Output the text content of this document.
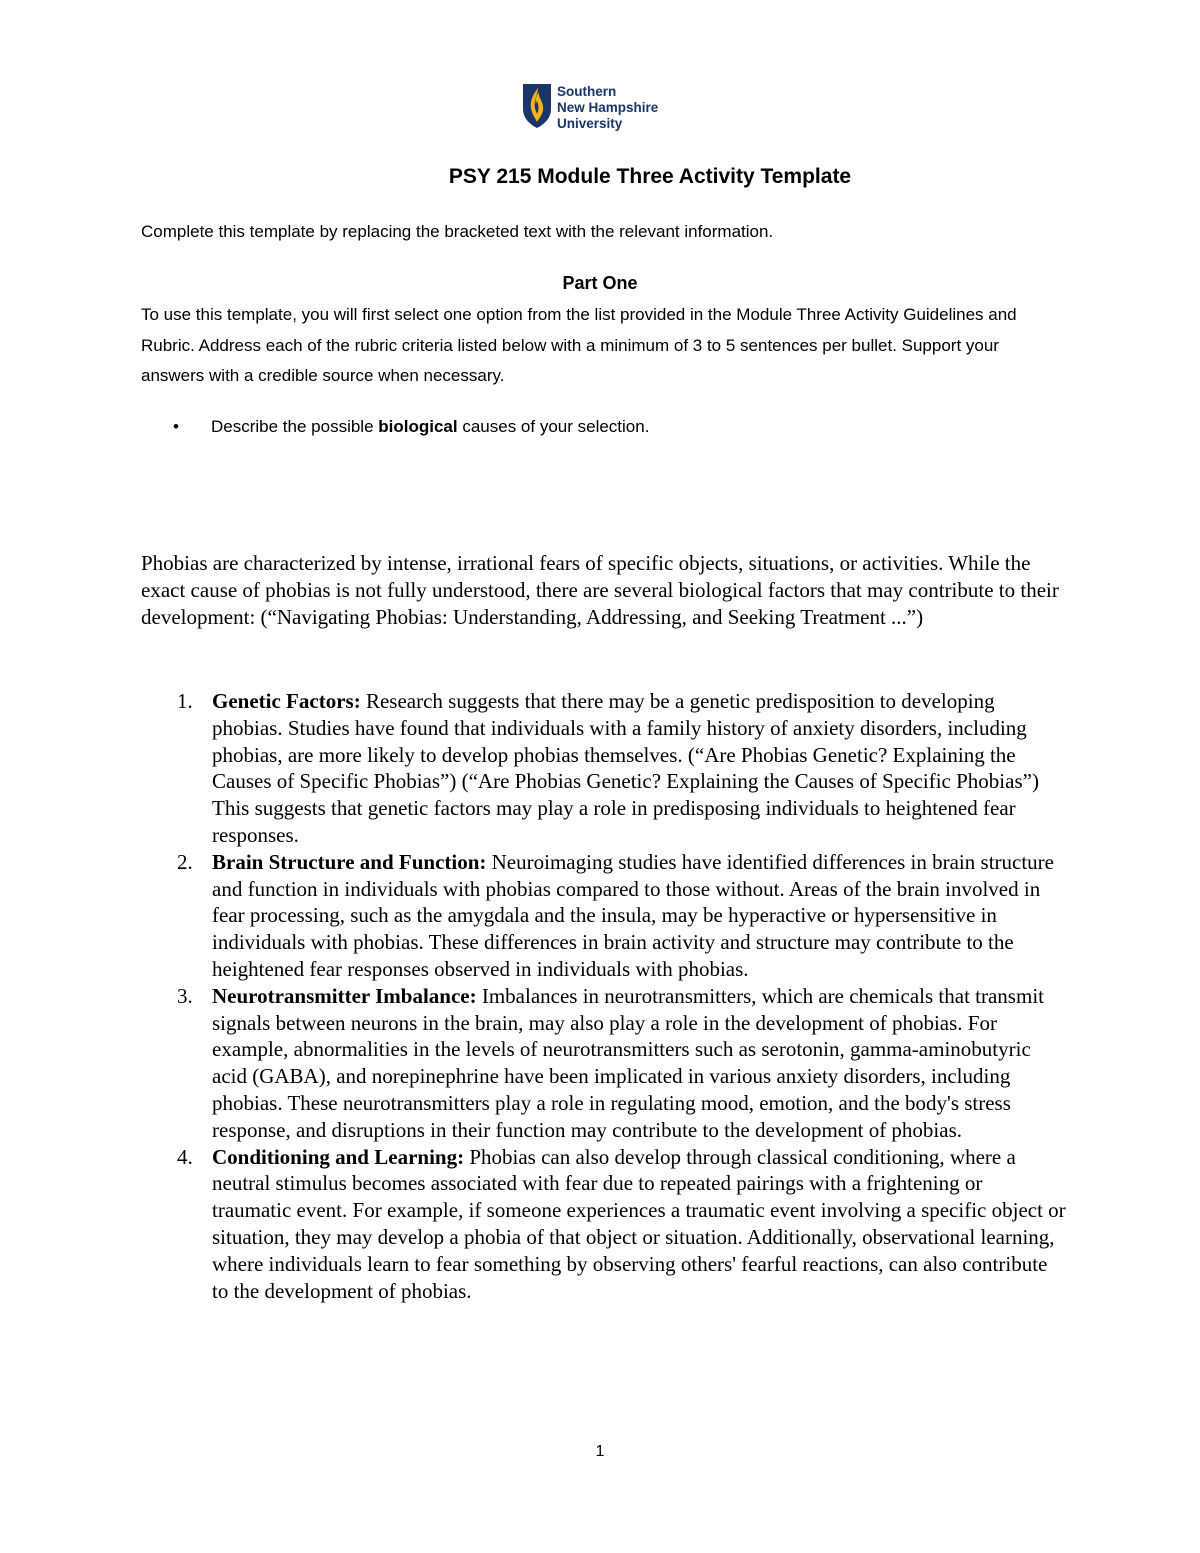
Southern
New Hampshire
University
PSY 215 Module Three Activity Template
Complete this template by replacing the bracketed text with the relevant information.
Part One
To use this template, you will first select one option from the list provided in the Module Three Activity Guidelines and Rubric. Address each of the rubric criteria listed below with a minimum of 3 to 5 sentences per bullet. Support your answers with a credible source when necessary.
• Describe the possible biological causes of your selection.
Phobias are characterized by intense, irrational fears of specific objects, situations, or activities. While the exact cause of phobias is not fully understood, there are several biological factors that may contribute to their development: (“Navigating Phobias: Understanding, Addressing, and Seeking Treatment ...”)
1. Genetic Factors: Research suggests that there may be a genetic predisposition to developing phobias. Studies have found that individuals with a family history of anxiety disorders, including phobias, are more likely to develop phobias themselves. (“Are Phobias Genetic? Explaining the Causes of Specific Phobias”) (“Are Phobias Genetic? Explaining the Causes of Specific Phobias”) This suggests that genetic factors may play a role in predisposing individuals to heightened fear responses.
2. Brain Structure and Function: Neuroimaging studies have identified differences in brain structure and function in individuals with phobias compared to those without. Areas of the brain involved in fear processing, such as the amygdala and the insula, may be hyperactive or hypersensitive in individuals with phobias. These differences in brain activity and structure may contribute to the heightened fear responses observed in individuals with phobias.
3. Neurotransmitter Imbalance: Imbalances in neurotransmitters, which are chemicals that transmit signals between neurons in the brain, may also play a role in the development of phobias. For example, abnormalities in the levels of neurotransmitters such as serotonin, gamma-aminobutyric acid (GABA), and norepinephrine have been implicated in various anxiety disorders, including phobias. These neurotransmitters play a role in regulating mood, emotion, and the body's stress response, and disruptions in their function may contribute to the development of phobias.
4. Conditioning and Learning: Phobias can also develop through classical conditioning, where a neutral stimulus becomes associated with fear due to repeated pairings with a frightening or traumatic event. For example, if someone experiences a traumatic event involving a specific object or situation, they may develop a phobia of that object or situation. Additionally, observational learning, where individuals learn to fear something by observing others' fearful reactions, can also contribute to the development of phobias.
1
